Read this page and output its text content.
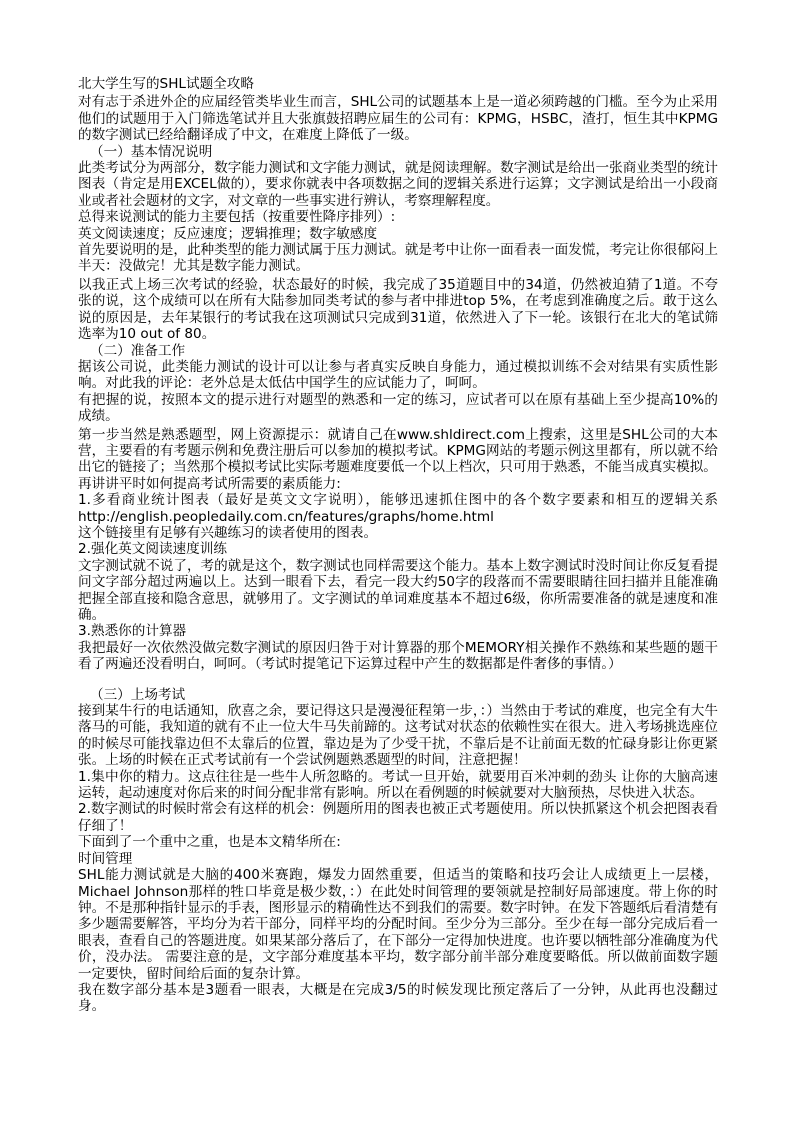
北大学生写的SHL试题全攻略

对有志于杀进外企的应届经管类毕业生而言，SHL公司的试题基本上是一道必须跨越的门槛。至今为止采用他们的试题用于入门筛选笔试并且大张旗鼓招聘应届生的公司有：KPMG，HSBC，渣打，恒生其中KPMG的数字测试已经给翻译成了中文，在难度上降低了一级。

（一）基本情况说明

此类考试分为两部分，数字能力测试和文字能力测试，就是阅读理解。数字测试是给出一张商业类型的统计图表（肯定是用EXCEL做的），要求你就表中各项数据之间的逻辑关系进行运算；文字测试是给出一小段商业或者社会题材的文字，对文章的一些事实进行辨认，考察理解程度。

总得来说测试的能力主要包括（按重要性降序排列）:

英文阅读速度；反应速度；逻辑推理；数字敏感度

首先要说明的是，此种类型的能力测试属于压力测试。就是考中让你一面看表一面发慌，考完让你很郁闷上半天：没做完！尤其是数字能力测试。

以我正式上场三次考试的经验，状态最好的时候，我完成了35道题目中的34道，仍然被迫猜了1道。不夸张的说，这个成绩可以在所有大陆参加同类考试的参与者中排进top 5%，在考虑到准确度之后。敢于这么说的原因是，去年某银行的考试我在这项测试只完成到31道，依然进入了下一轮。该银行在北大的笔试筛选率为10 out of 80。

（二）准备工作

据该公司说，此类能力测试的设计可以让参与者真实反映自身能力，通过模拟训练不会对结果有实质性影响。对此我的评论：老外总是太低估中国学生的应试能力了，呵呵。

有把握的说，按照本文的提示进行对题型的熟悉和一定的练习，应试者可以在原有基础上至少提高10%的成绩。

第一步当然是熟悉题型，网上资源提示：就请自己在www.shldirect.com上搜索，这里是SHL公司的大本营，主要看的有考题示例和免费注册后可以参加的模拟考试。KPMG网站的考题示例这里都有，所以就不给出它的链接了；当然那个模拟考试比实际考题难度要低一个以上档次，只可用于熟悉，不能当成真实模拟。

再讲讲平时如何提高考试所需要的素质能力:

1.多看商业统计图表（最好是英文文字说明），能够迅速抓住图中的各个数字要素和相互的逻辑关系http://english.peopledaily.com.cn/features/graphs/home.html

这个链接里有足够有兴趣练习的读者使用的图表。

2.强化英文阅读速度训练

文字测试就不说了，考的就是这个，数字测试也同样需要这个能力。基本上数字测试时没时间让你反复看提问文字部分超过两遍以上。达到一眼看下去，看完一段大约50字的段落而不需要眼睛往回扫描并且能准确把握全部直接和隐含意思，就够用了。文字测试的单词难度基本不超过6级，你所需要准备的就是速度和准确。

3.熟悉你的计算器

我把最好一次依然没做完数字测试的原因归咎于对计算器的那个MEMORY相关操作不熟练和某些题的题干看了两遍还没看明白，呵呵。（考试时提笔记下运算过程中产生的数据都是件奢侈的事情。）

（三）上场考试

接到某牛行的电话通知，欣喜之余，要记得这只是漫漫征程第一步，：）当然由于考试的难度，也完全有大牛落马的可能，我知道的就有不止一位大牛马失前蹄的。这考试对状态的依赖性实在很大。进入考场挑选座位的时候尽可能找靠边但不太靠后的位置，靠边是为了少受干扰，不靠后是不让前面无数的忙碌身影让你更紧张。上场的时候在正式考试前有一个尝试例题熟悉题型的时间，注意把握！

1.集中你的精力。这点往往是一些牛人所忽略的。考试一旦开始，就要用百米冲刺的劲头 让你的大脑高速运转，起动速度对你后来的时间分配非常有影响。所以在看例题的时候就要对大脑预热，尽快进入状态。

2.数字测试的时候时常会有这样的机会：例题所用的图表也被正式考题使用。所以快抓紧这个机会把图表看仔细了！

下面到了一个重中之重，也是本文精华所在:

时间管理

SHL能力测试就是大脑的400米赛跑，爆发力固然重要，但适当的策略和技巧会让人成绩更上一层楼，Michael Johnson那样的牲口毕竟是极少数，：）在此处时间管理的要领就是控制好局部速度。带上你的时钟。不是那种指针显示的手表，图形显示的精确性达不到我们的需要。数字时钟。在发下答题纸后看清楚有多少题需要解答，平均分为若干部分，同样平均的分配时间。至少分为三部分。至少在每一部分完成后看一眼表，查看自己的答题进度。如果某部分落后了，在下部分一定得加快进度。也许要以牺牲部分准确度为代价，没办法。 需要注意的是，文字部分难度基本平均，数字部分前半部分难度要略低。所以做前面数字题一定要快，留时间给后面的复杂计算。

我在数字部分基本是3题看一眼表，大概是在完成3/5的时候发现比预定落后了一分钟，从此再也没翻过身。
